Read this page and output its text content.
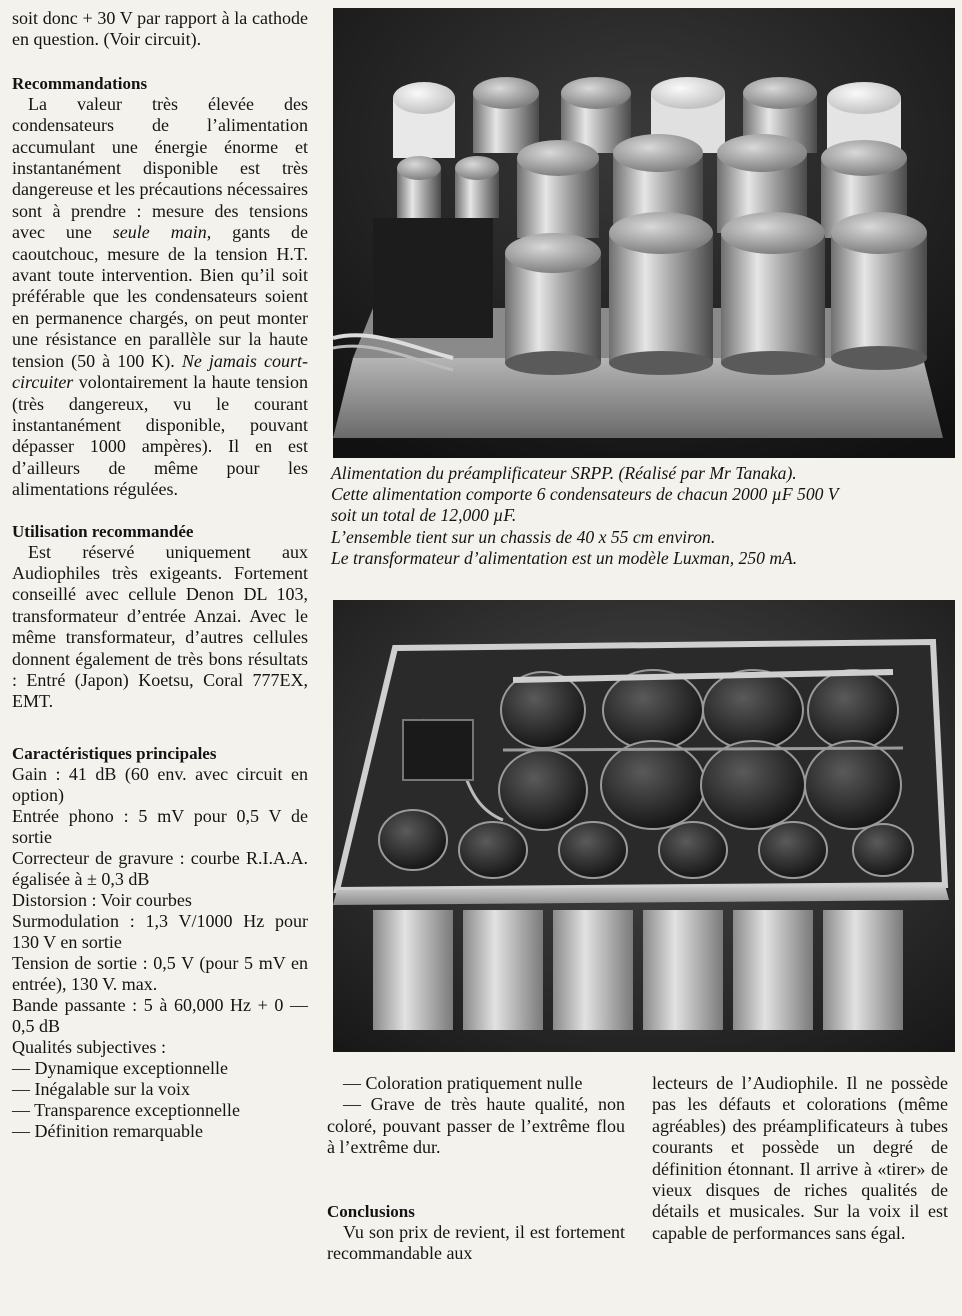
soit donc + 30 V par rapport à la cathode en question. (Voir circuit).

Recommandations

La valeur très élevée des condensateurs de l’alimentation accumulant une énergie énorme et instantanément disponible est très dangereuse et les précautions nécessaires sont à prendre : mesure des tensions avec une seule main, gants de caoutchouc, mesure de la tension H.T. avant toute intervention. Bien qu’il soit préférable que les condensateurs soient en permanence chargés, on peut monter une résistance en parallèle sur la haute tension (50 à 100 K). Ne jamais court-circuiter volontairement la haute tension (très dangereux, vu le courant instantanément disponible, pouvant dépasser 1000 ampères). Il en est d’ailleurs de même pour les alimentations régulées.

Utilisation recommandée

Est réservé uniquement aux Audiophiles très exigeants. Fortement conseillé avec cellule Denon DL 103, transformateur d’entrée Anzai. Avec le même transformateur, d’autres cellules donnent également de très bons résultats : Entré (Japon) Koetsu, Coral 777EX, EMT.

Caractéristiques principales

Gain : 41 dB (60 env. avec circuit en option)

Entrée phono : 5 mV pour 0,5 V de sortie

Correcteur de gravure : courbe R.I.A.A. égalisée à ± 0,3 dB

Distorsion : Voir courbes

Surmodulation : 1,3 V/1000 Hz pour 130 V en sortie

Tension de sortie : 0,5 V (pour 5 mV en entrée), 130 V. max.

Bande passante : 5 à 60,000 Hz + 0 — 0,5 dB

Qualités subjectives :

— Dynamique exceptionnelle
— Inégalable sur la voix
— Transparence exceptionnelle
— Définition remarquable
Alimentation du préamplificateur SRPP. (Réalisé par Mr Tanaka).
Cette alimentation comporte 6 condensateurs de chacun 2000 µF 500 V
soit un total de 12,000 µF.
L’ensemble tient sur un chassis de 40 x 55 cm environ.
Le transformateur d’alimentation est un modèle Luxman, 250 mA.

— Coloration pratiquement nulle

— Grave de très haute qualité, non coloré, pouvant passer de l’extrême flou à l’extrême dur.

Conclusions

Vu son prix de revient, il est fortement recommandable aux

lecteurs de l’Audiophile. Il ne possède pas les défauts et colorations (même agréables) des préamplificateurs à tubes courants et possède un degré de définition étonnant. Il arrive à «tirer» de vieux disques de riches qualités de détails et musicales. Sur la voix il est capable de performances sans égal.
